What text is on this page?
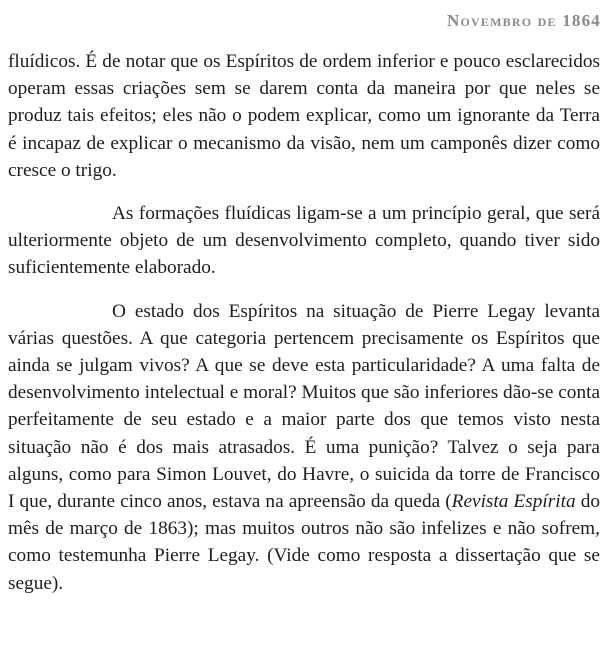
Novembro de 1864

fluídicos. É de notar que os Espíritos de ordem inferior e pouco esclarecidos operam essas criações sem se darem conta da maneira por que neles se produz tais efeitos; eles não o podem explicar, como um ignorante da Terra é incapaz de explicar o mecanismo da visão, nem um camponês dizer como cresce o trigo.

As formações fluídicas ligam-se a um princípio geral, que será ulteriormente objeto de um desenvolvimento completo, quando tiver sido suficientemente elaborado.

O estado dos Espíritos na situação de Pierre Legay levanta várias questões. A que categoria pertencem precisamente os Espíritos que ainda se julgam vivos? A que se deve esta particularidade? A uma falta de desenvolvimento intelectual e moral? Muitos que são inferiores dão-se conta perfeitamente de seu estado e a maior parte dos que temos visto nesta situação não é dos mais atrasados. É uma punição? Talvez o seja para alguns, como para Simon Louvet, do Havre, o suicida da torre de Francisco I que, durante cinco anos, estava na apreensão da queda (Revista Espírita do mês de março de 1863); mas muitos outros não são infelizes e não sofrem, como testemunha Pierre Legay. (Vide como resposta a dissertação que se segue).
